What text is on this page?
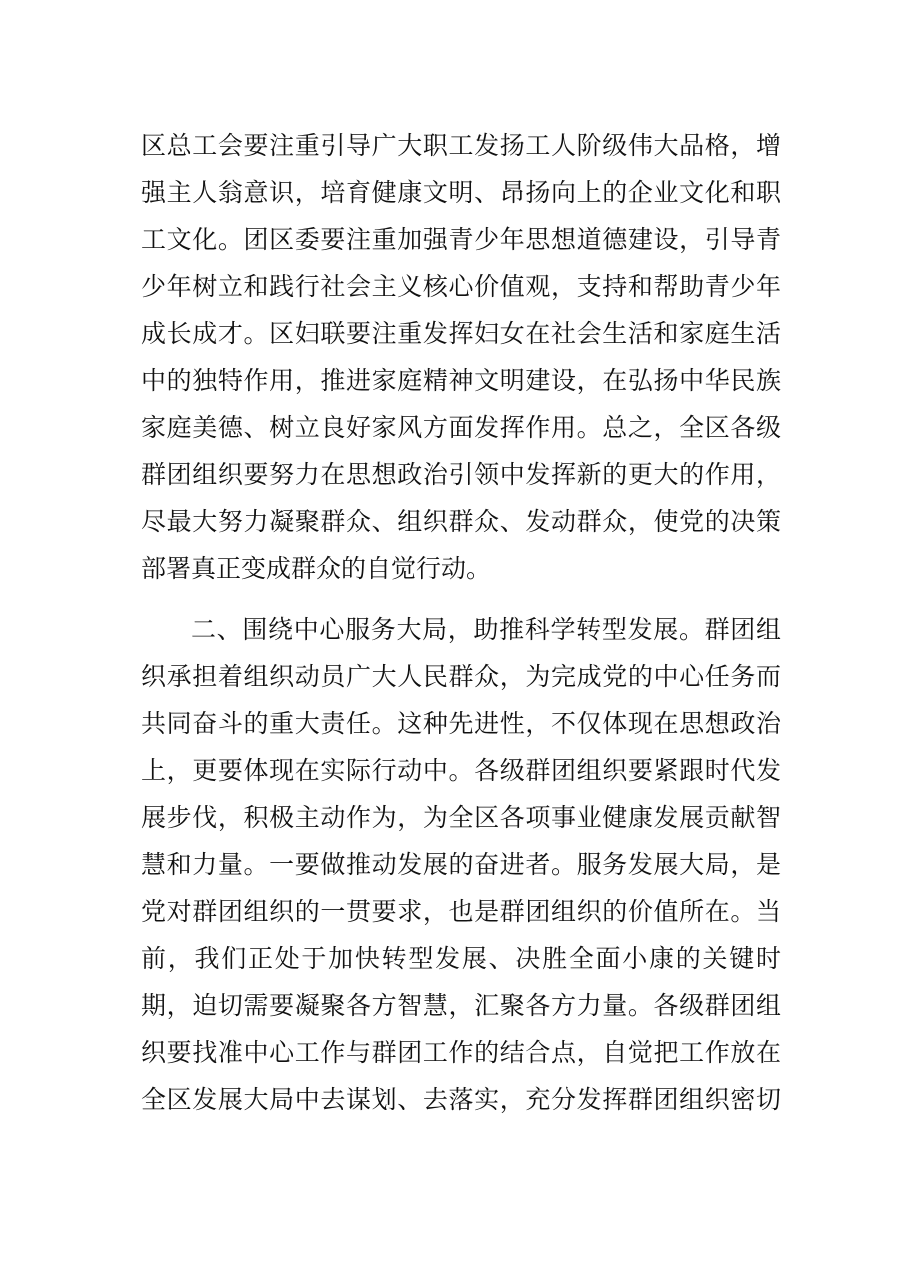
区总工会要注重引导广大职工发扬工人阶级伟大品格，增
强主人翁意识，培育健康文明、昂扬向上的企业文化和职
工文化。团区委要注重加强青少年思想道德建设，引导青
少年树立和践行社会主义核心价值观，支持和帮助青少年
成长成才。区妇联要注重发挥妇女在社会生活和家庭生活
中的独特作用，推进家庭精神文明建设，在弘扬中华民族
家庭美德、树立良好家风方面发挥作用。总之，全区各级
群团组织要努力在思想政治引领中发挥新的更大的作用，
尽最大努力凝聚群众、组织群众、发动群众，使党的决策
部署真正变成群众的自觉行动。
二、围绕中心服务大局，助推科学转型发展。群团组
织承担着组织动员广大人民群众，为完成党的中心任务而
共同奋斗的重大责任。这种先进性，不仅体现在思想政治
上，更要体现在实际行动中。各级群团组织要紧跟时代发
展步伐，积极主动作为，为全区各项事业健康发展贡献智
慧和力量。一要做推动发展的奋进者。服务发展大局，是
党对群团组织的一贯要求，也是群团组织的价值所在。当
前，我们正处于加快转型发展、决胜全面小康的关键时
期，迫切需要凝聚各方智慧，汇聚各方力量。各级群团组
织要找准中心工作与群团工作的结合点，自觉把工作放在
全区发展大局中去谋划、去落实，充分发挥群团组织密切
